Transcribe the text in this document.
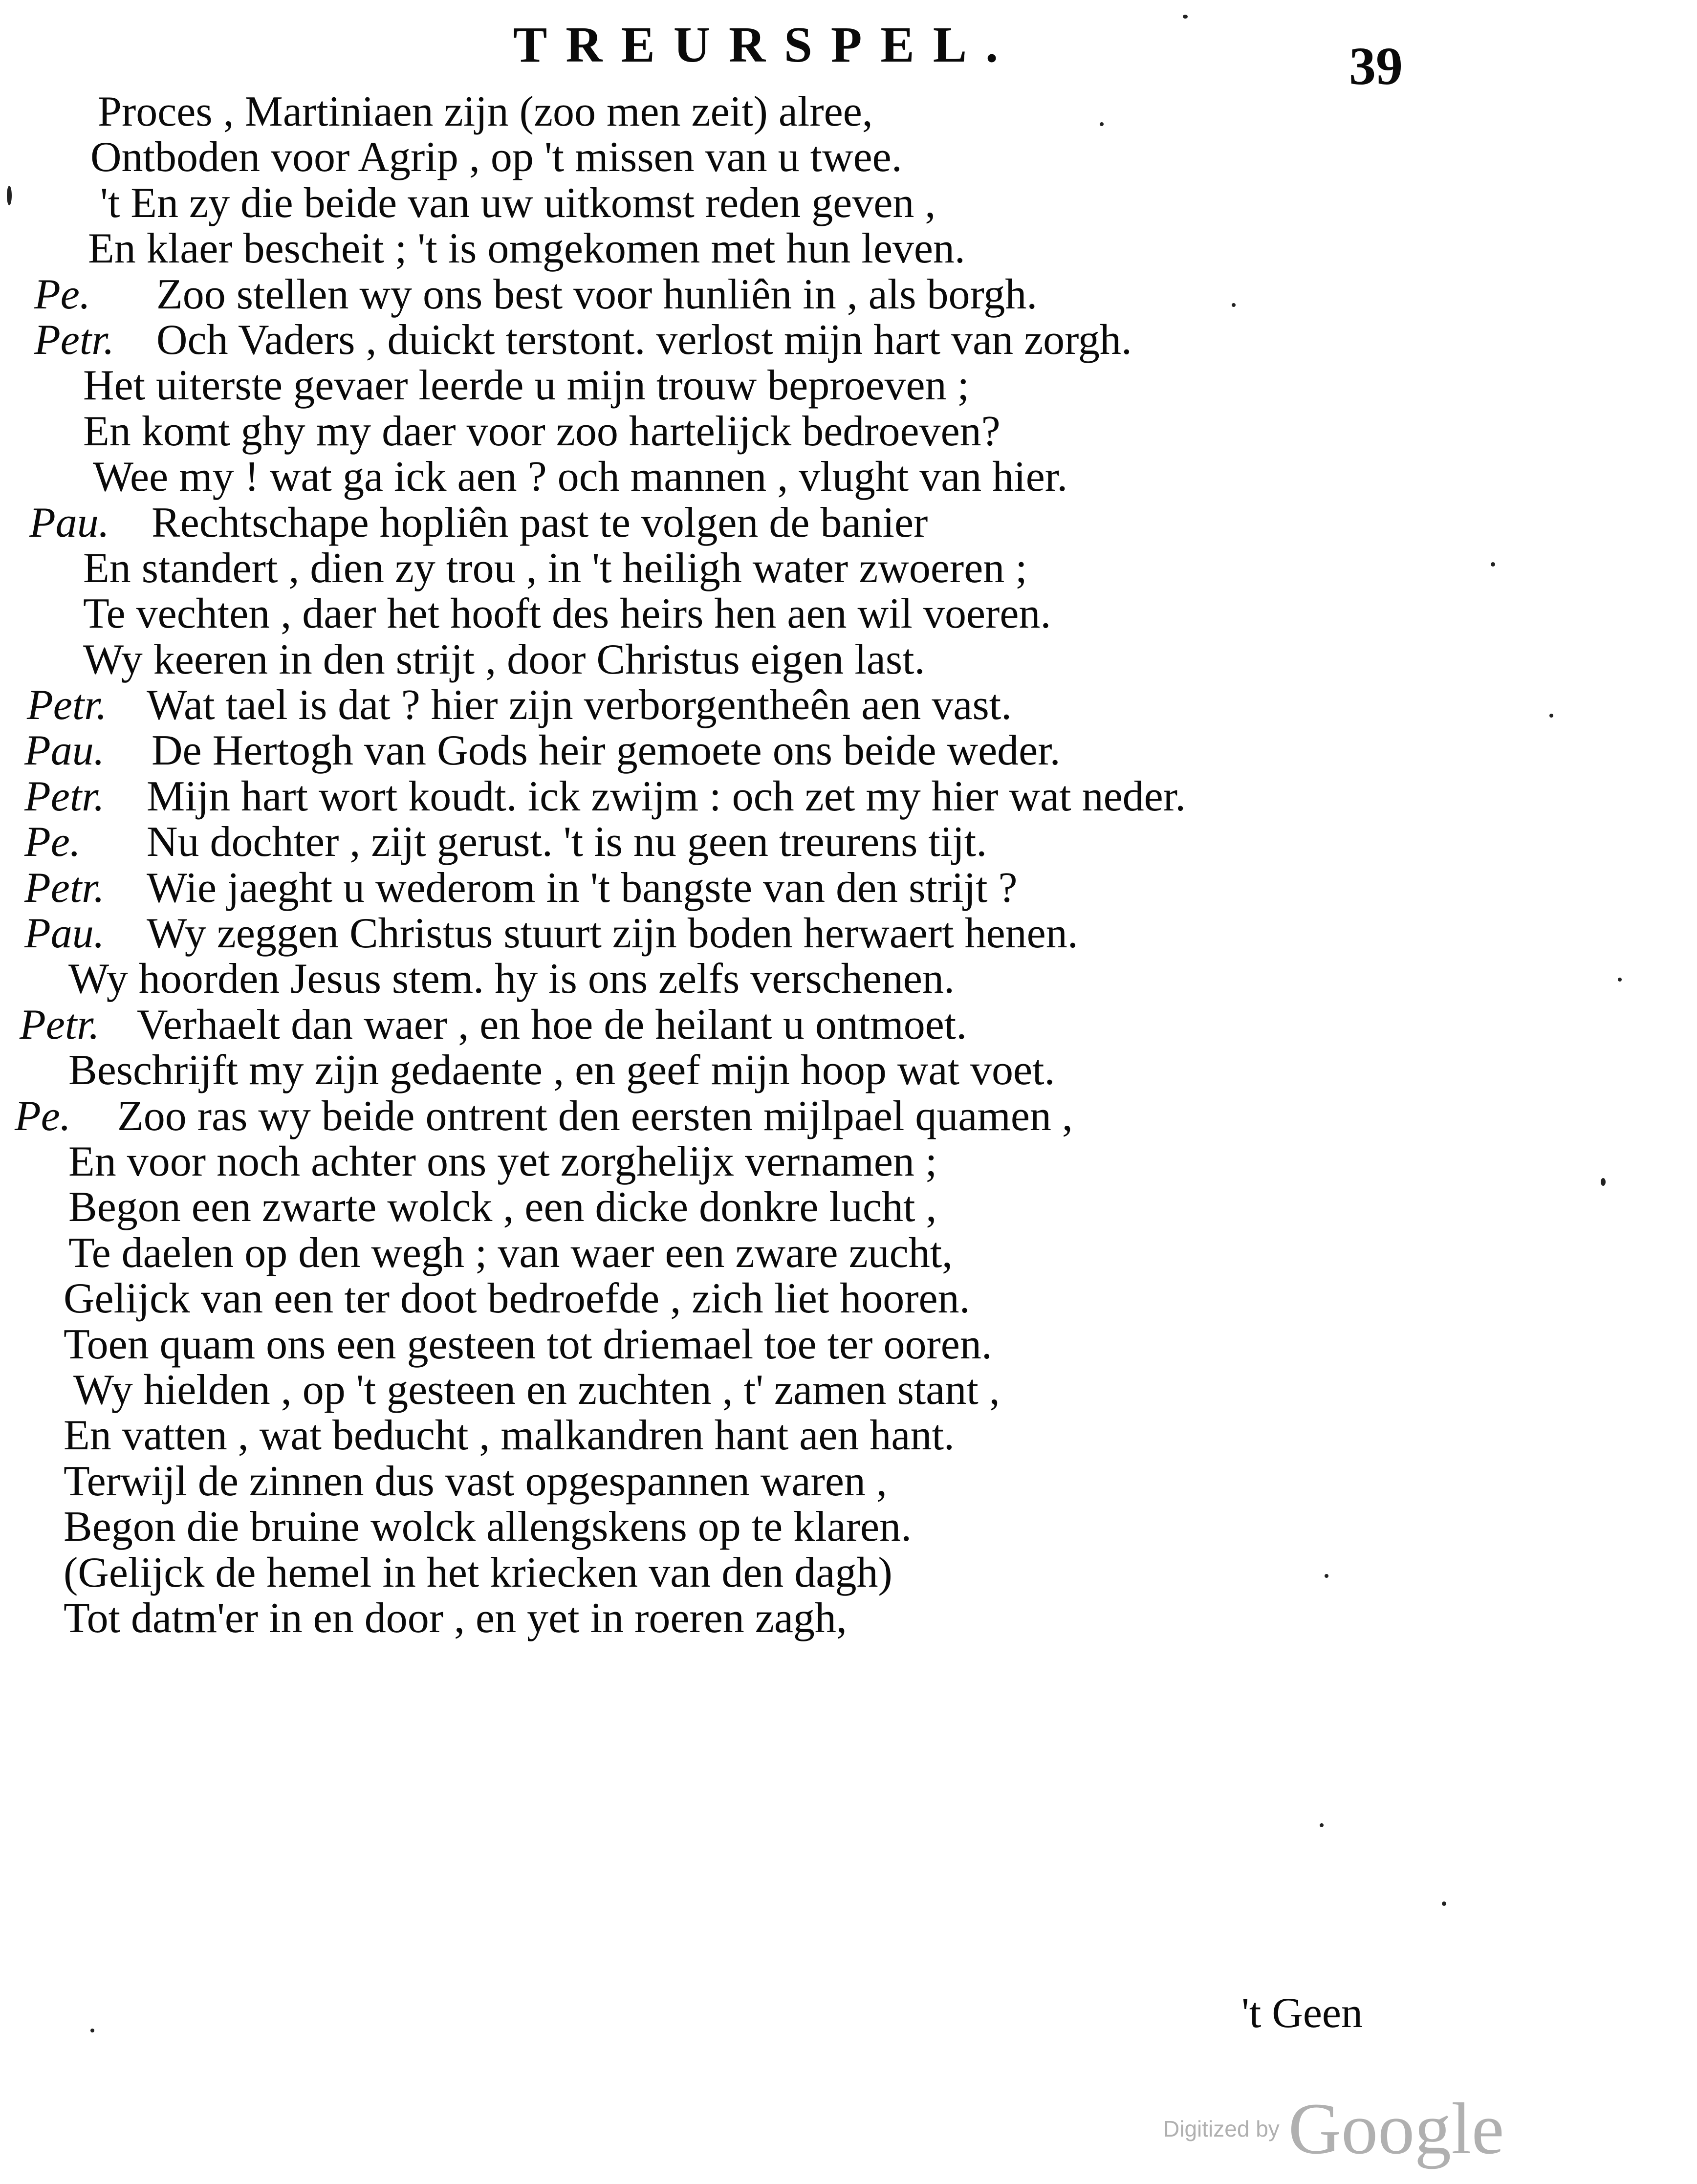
TREURSPEL.	39
Proces , Martiniaen zijn (zoo men zeit) alree,
Ontboden voor Agrip , op 't missen van u twee.
't En zy die beide van uw uitkomst reden geven ,
En klaer bescheit ; 't is omgekomen met hun leven.
Pe. Zoo stellen wy ons best voor hunliên in , als borgh.
Petr. Och Vaders , duickt terstont. verlost mijn hart van zorgh.
Het uiterste gevaer leerde u mijn trouw beproeven ;
En komt ghy my daer voor zoo hartelijck bedroeven?
Wee my ! wat ga ick aen ? och mannen , vlught van hier.
Pau. Rechtschape hopliên past te volgen de banier
En standert , dien zy trou , in 't heiligh water zwoeren ;
Te vechten , daer het hooft des heirs hen aen wil voeren.
Wy keeren in den strijt , door Christus eigen last.
Petr. Wat tael is dat ? hier zijn verborgentheên aen vast.
Pau. De Hertogh van Gods heir gemoete ons beide weder.
Petr. Mijn hart wort koudt. ick zwijm : och zet my hier wat neder.
Pe. Nu dochter , zijt gerust. 't is nu geen treurens tijt.
Petr. Wie jaeght u wederom in 't bangste van den strijt ?
Pau. Wy zeggen Christus stuurt zijn boden herwaert henen.
Wy hoorden Jesus stem. hy is ons zelfs verschenen.
Petr. Verhaelt dan waer , en hoe de heilant u ontmoet.
Beschrijft my zijn gedaente , en geef mijn hoop wat voet.
Pe. Zoo ras wy beide ontrent den eersten mijlpael quamen ,
En voor noch achter ons yet zorghelijx vernamen ;
Begon een zwarte wolck , een dicke donkre lucht ,
Te daelen op den wegh ; van waer een zware zucht,
Gelijck van een ter doot bedroefde , zich liet hooren.
Toen quam ons een gesteen tot driemael toe ter ooren.
Wy hielden , op 't gesteen en zuchten , t' zamen stant ,
En vatten , wat beducht , malkandren hant aen hant.
Terwijl de zinnen dus vast opgespannen waren ,
Begon die bruine wolck allengskens op te klaren.
(Gelijck de hemel in het kriecken van den dagh)
Tot datm'er in en door , en yet in roeren zagh,
't Geen
Digitized by Google
